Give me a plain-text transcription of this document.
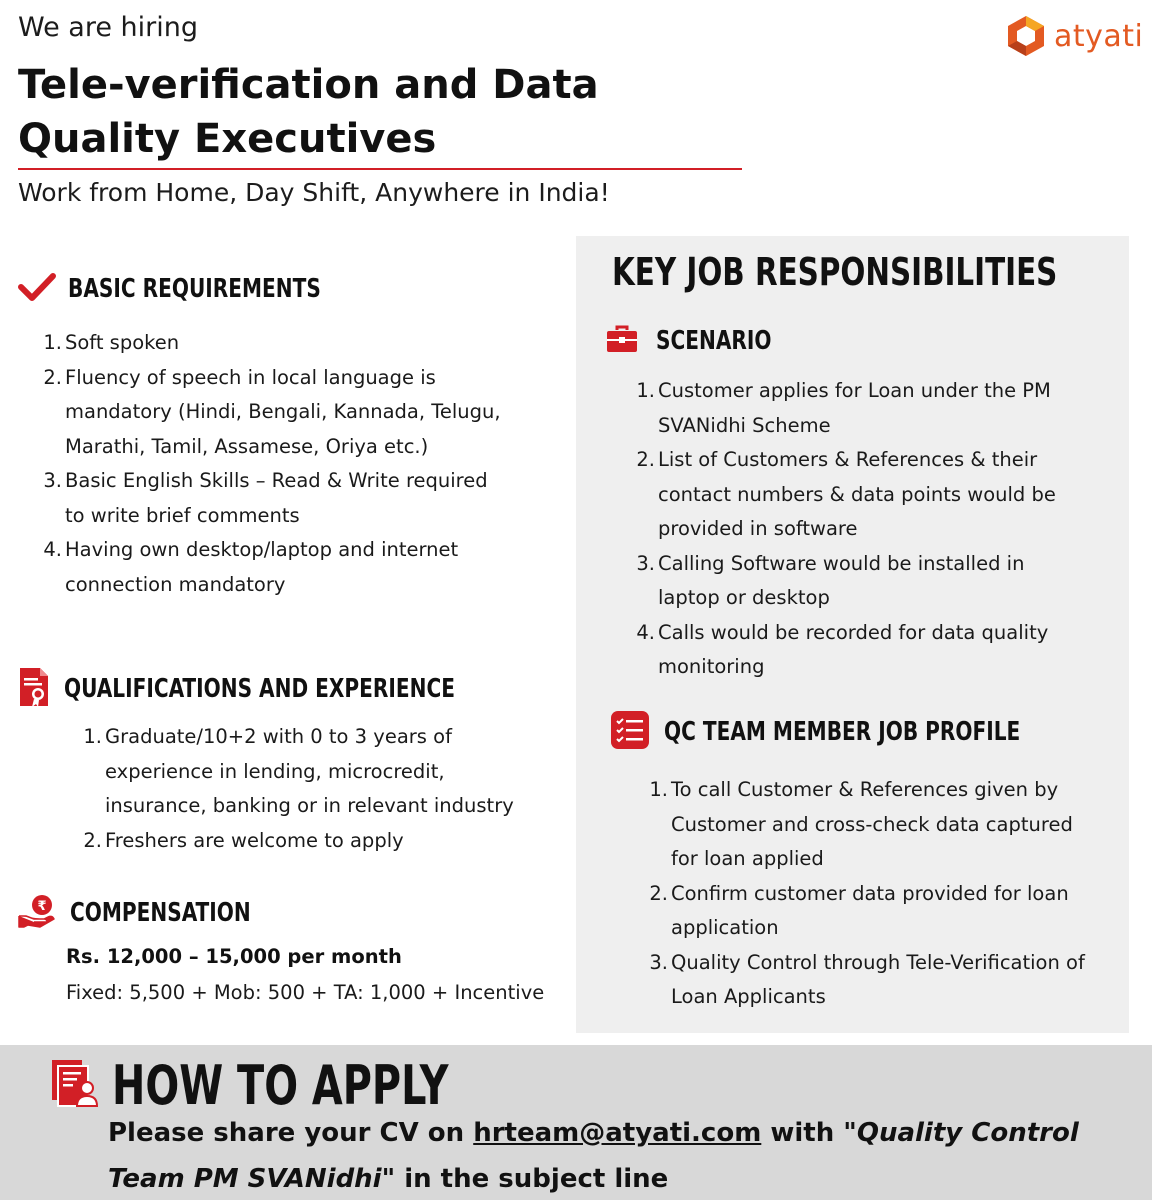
We are hiring
Tele-verification and Data Quality Executives
Work from Home, Day Shift, Anywhere in India!
atyati
BASIC REQUIREMENTS
1. Soft spoken
2. Fluency of speech in local language is mandatory (Hindi, Bengali, Kannada, Telugu, Marathi, Tamil, Assamese, Oriya etc.)
3. Basic English Skills – Read & Write required to write brief comments
4. Having own desktop/laptop and internet connection mandatory
QUALIFICATIONS AND EXPERIENCE
1. Graduate/10+2 with 0 to 3 years of experience in lending, microcredit, insurance, banking or in relevant industry
2. Freshers are welcome to apply
₹ COMPENSATION
Rs. 12,000 – 15,000 per month
Fixed: 5,500 + Mob: 500 + TA: 1,000 + Incentive
KEY JOB RESPONSIBILITIES
SCENARIO
1. Customer applies for Loan under the PM SVANidhi Scheme
2. List of Customers & References & their contact numbers & data points would be provided in software
3. Calling Software would be installed in laptop or desktop
4. Calls would be recorded for data quality monitoring
QC TEAM MEMBER JOB PROFILE
1. To call Customer & References given by Customer and cross-check data captured for loan applied
2. Confirm customer data provided for loan application
3. Quality Control through Tele-Verification of Loan Applicants
HOW TO APPLY
Please share your CV on hrteam@atyati.com with "Quality Control Team PM SVANidhi" in the subject line
